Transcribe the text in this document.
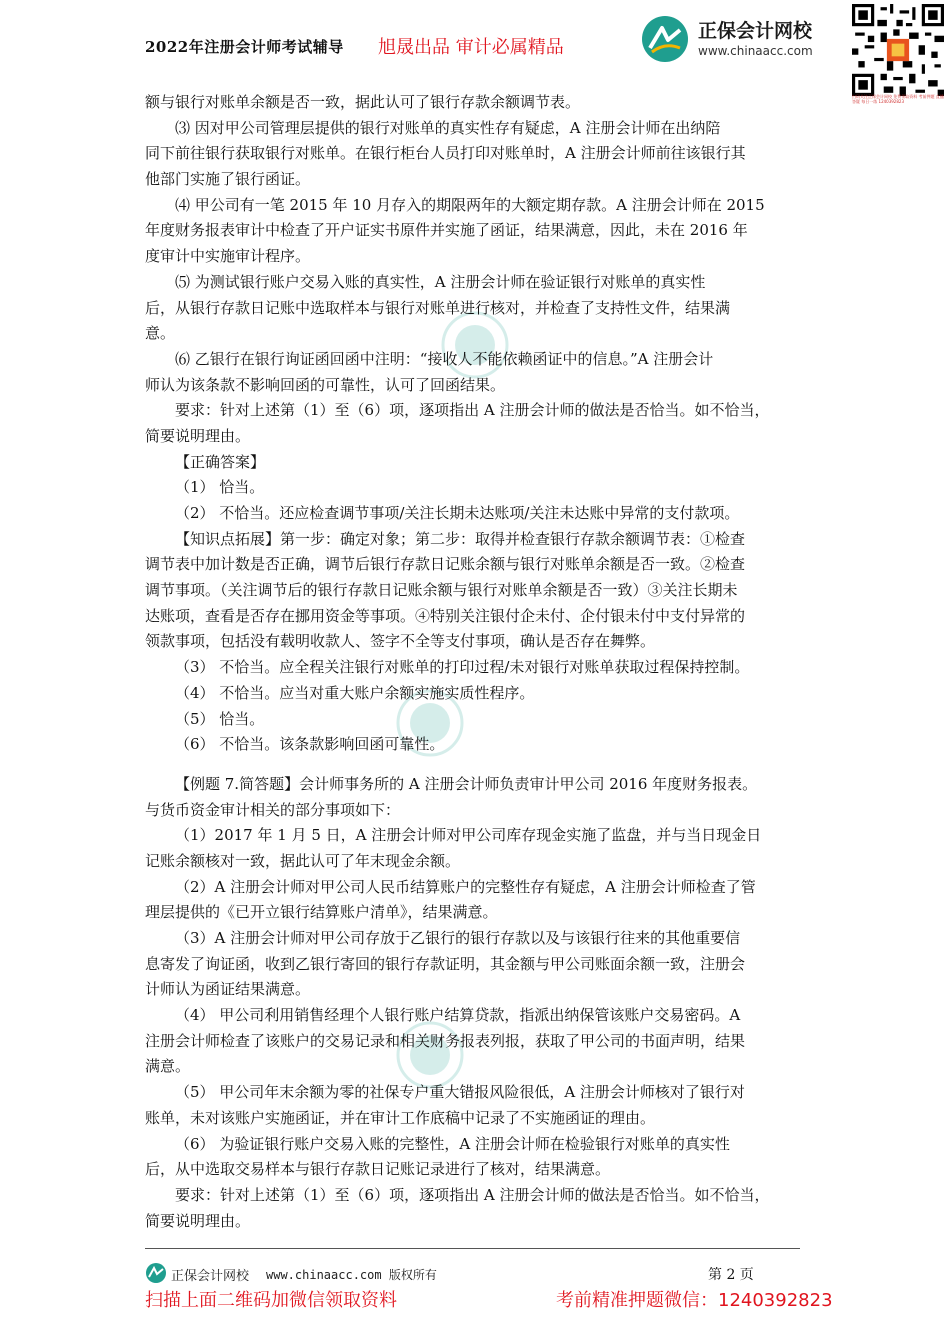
2022年注册会计师考试辅导 旭晟出品 审计必属精品
正保会计网校
www.chinaacc.com
扫码关注正保会计网校 免费领取资料 考前押题 直播答疑 每日一练 1240392823
额与银行对账单余额是否一致，据此认可了银行存款余额调节表。
⑶ 因对甲公司管理层提供的银行对账单的真实性存有疑虑，A 注册会计师在出纳陪
同下前往银行获取银行对账单。在银行柜台人员打印对账单时，A 注册会计师前往该银行其
他部门实施了银行函证。
⑷ 甲公司有一笔 2015 年 10 月存入的期限两年的大额定期存款。A 注册会计师在 2015
年度财务报表审计中检查了开户证实书原件并实施了函证，结果满意，因此，未在 2016 年
度审计中实施审计程序。
⑸ 为测试银行账户交易入账的真实性，A 注册会计师在验证银行对账单的真实性
后，从银行存款日记账中选取样本与银行对账单进行核对，并检查了支持性文件，结果满
意。
⑹ 乙银行在银行询证函回函中注明：“接收人不能依赖函证中的信息。”A 注册会计
师认为该条款不影响回函的可靠性，认可了回函结果。
要求：针对上述第（1）至（6）项，逐项指出 A 注册会计师的做法是否恰当。如不恰当，
简要说明理由。
【正确答案】
（1） 恰当。
（2） 不恰当。还应检查调节事项/关注长期未达账项/关注未达账中异常的支付款项。
【知识点拓展】第一步：确定对象；第二步：取得并检查银行存款余额调节表：①检查
调节表中加计数是否正确，调节后银行存款日记账余额与银行对账单余额是否一致。②检查
调节事项。（关注调节后的银行存款日记账余额与银行对账单余额是否一致）③关注长期未
达账项，查看是否存在挪用资金等事项。④特别关注银付企未付、企付银未付中支付异常的
领款事项，包括没有载明收款人、签字不全等支付事项，确认是否存在舞弊。
（3） 不恰当。应全程关注银行对账单的打印过程/未对银行对账单获取过程保持控制。
（4） 不恰当。应当对重大账户余额实施实质性程序。
（5） 恰当。
（6） 不恰当。该条款影响回函可靠性。
【例题 7.简答题】会计师事务所的 A 注册会计师负责审计甲公司 2016 年度财务报表。
与货币资金审计相关的部分事项如下：
（1）2017 年 1 月 5 日，A 注册会计师对甲公司库存现金实施了监盘，并与当日现金日
记账余额核对一致，据此认可了年末现金余额。
（2）A 注册会计师对甲公司人民币结算账户的完整性存有疑虑，A 注册会计师检查了管
理层提供的《已开立银行结算账户清单》，结果满意。
（3）A 注册会计师对甲公司存放于乙银行的银行存款以及与该银行往来的其他重要信
息寄发了询证函，收到乙银行寄回的银行存款证明，其金额与甲公司账面余额一致，注册会
计师认为函证结果满意。
（4） 甲公司利用销售经理个人银行账户结算贷款，指派出纳保管该账户交易密码。A
注册会计师检查了该账户的交易记录和相关财务报表列报，获取了甲公司的书面声明，结果
满意。
（5） 甲公司年末余额为零的社保专户重大错报风险很低，A 注册会计师核对了银行对
账单，未对该账户实施函证，并在审计工作底稿中记录了不实施函证的理由。
（6） 为验证银行账户交易入账的完整性，A 注册会计师在检验银行对账单的真实性
后，从中选取交易样本与银行存款日记账记录进行了核对，结果满意。
要求：针对上述第（1）至（6）项，逐项指出 A 注册会计师的做法是否恰当。如不恰当，
简要说明理由。
正保会计网校 www.chinaacc.com 版权所有	第 2 页
扫描上面二维码加微信领取资料	考前精准押题微信：1240392823
